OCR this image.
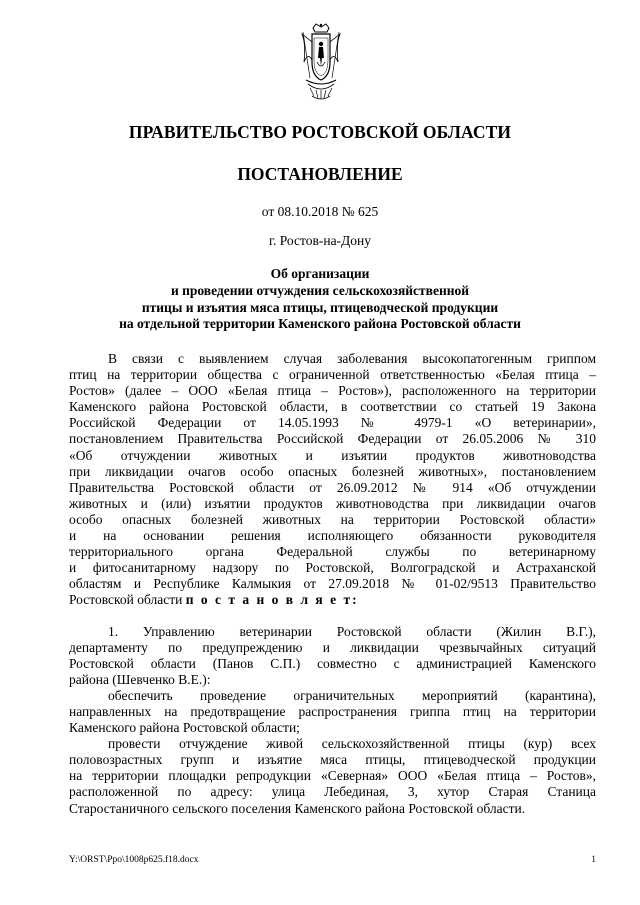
ПРАВИТЕЛЬСТВО РОСТОВСКОЙ ОБЛАСТИ
ПОСТАНОВЛЕНИЕ
от 08.10.2018 № 625
г. Ростов-на-Дону
Об организации
и проведении отчуждения сельскохозяйственной
птицы и изъятия мяса птицы, птицеводческой продукции
на отдельной территории Каменского района Ростовской области
В связи с выявлением случая заболевания высокопатогенным гриппом
птиц на территории общества с ограниченной ответственностью «Белая птица –
Ростов» (далее – ООО «Белая птица – Ростов»), расположенного на территории
Каменского района Ростовской области, в соответствии со статьей 19 Закона
Российской Федерации от 14.05.1993 № 4979-1 «О ветеринарии»,
постановлением Правительства Российской Федерации от 26.05.2006 № 310
«Об отчуждении животных и изъятии продуктов животноводства
при ликвидации очагов особо опасных болезней животных», постановлением
Правительства Ростовской области от 26.09.2012 № 914 «Об отчуждении
животных и (или) изъятии продуктов животноводства при ликвидации очагов
особо опасных болезней животных на территории Ростовской области»
и на основании решения исполняющего обязанности руководителя
территориального органа Федеральной службы по ветеринарному
и фитосанитарному надзору по Ростовской, Волгоградской и Астраханской
областям и Республике Калмыкия от 27.09.2018 № 01-02/9513 Правительство
Ростовской области п о с т а н о в л я е т:
1. Управлению ветеринарии Ростовской области (Жилин В.Г.),
департаменту по предупреждению и ликвидации чрезвычайных ситуаций
Ростовской области (Панов С.П.) совместно с администрацией Каменского
района (Шевченко В.Е.):
обеспечить проведение ограничительных мероприятий (карантина),
направленных на предотвращение распространения гриппа птиц на территории
Каменского района Ростовской области;
провести отчуждение живой сельскохозяйственной птицы (кур) всех
половозрастных групп и изъятие мяса птицы, птицеводческой продукции
на территории площадки репродукции «Северная» ООО «Белая птица – Ростов»,
расположенной по адресу: улица Лебединая, 3, хутор Старая Станица
Старостаничного сельского поселения Каменского района Ростовской области.
Y:\ORST\Ppo\1008p625.f18.docx	1
